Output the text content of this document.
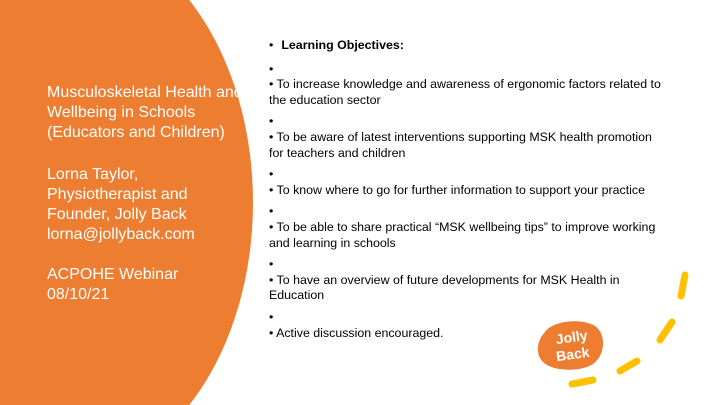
Musculoskeletal Health and Wellbeing in Schools (Educators and Children)
Lorna Taylor,
Physiotherapist and
Founder, Jolly Back
lorna@jollyback.com
ACPOHE Webinar
08/10/21
• Learning Objectives:
•
• To increase knowledge and awareness of ergonomic factors related to the education sector
•
• To be aware of latest interventions supporting MSK health promotion for teachers and children
•
• To know where to go for further information to support your practice
•
• To be able to share practical “MSK wellbeing tips” to improve working and learning in schools
•
• To have an overview of future developments for MSK Health in Education
•
• Active discussion encouraged.	Jolly
Back
